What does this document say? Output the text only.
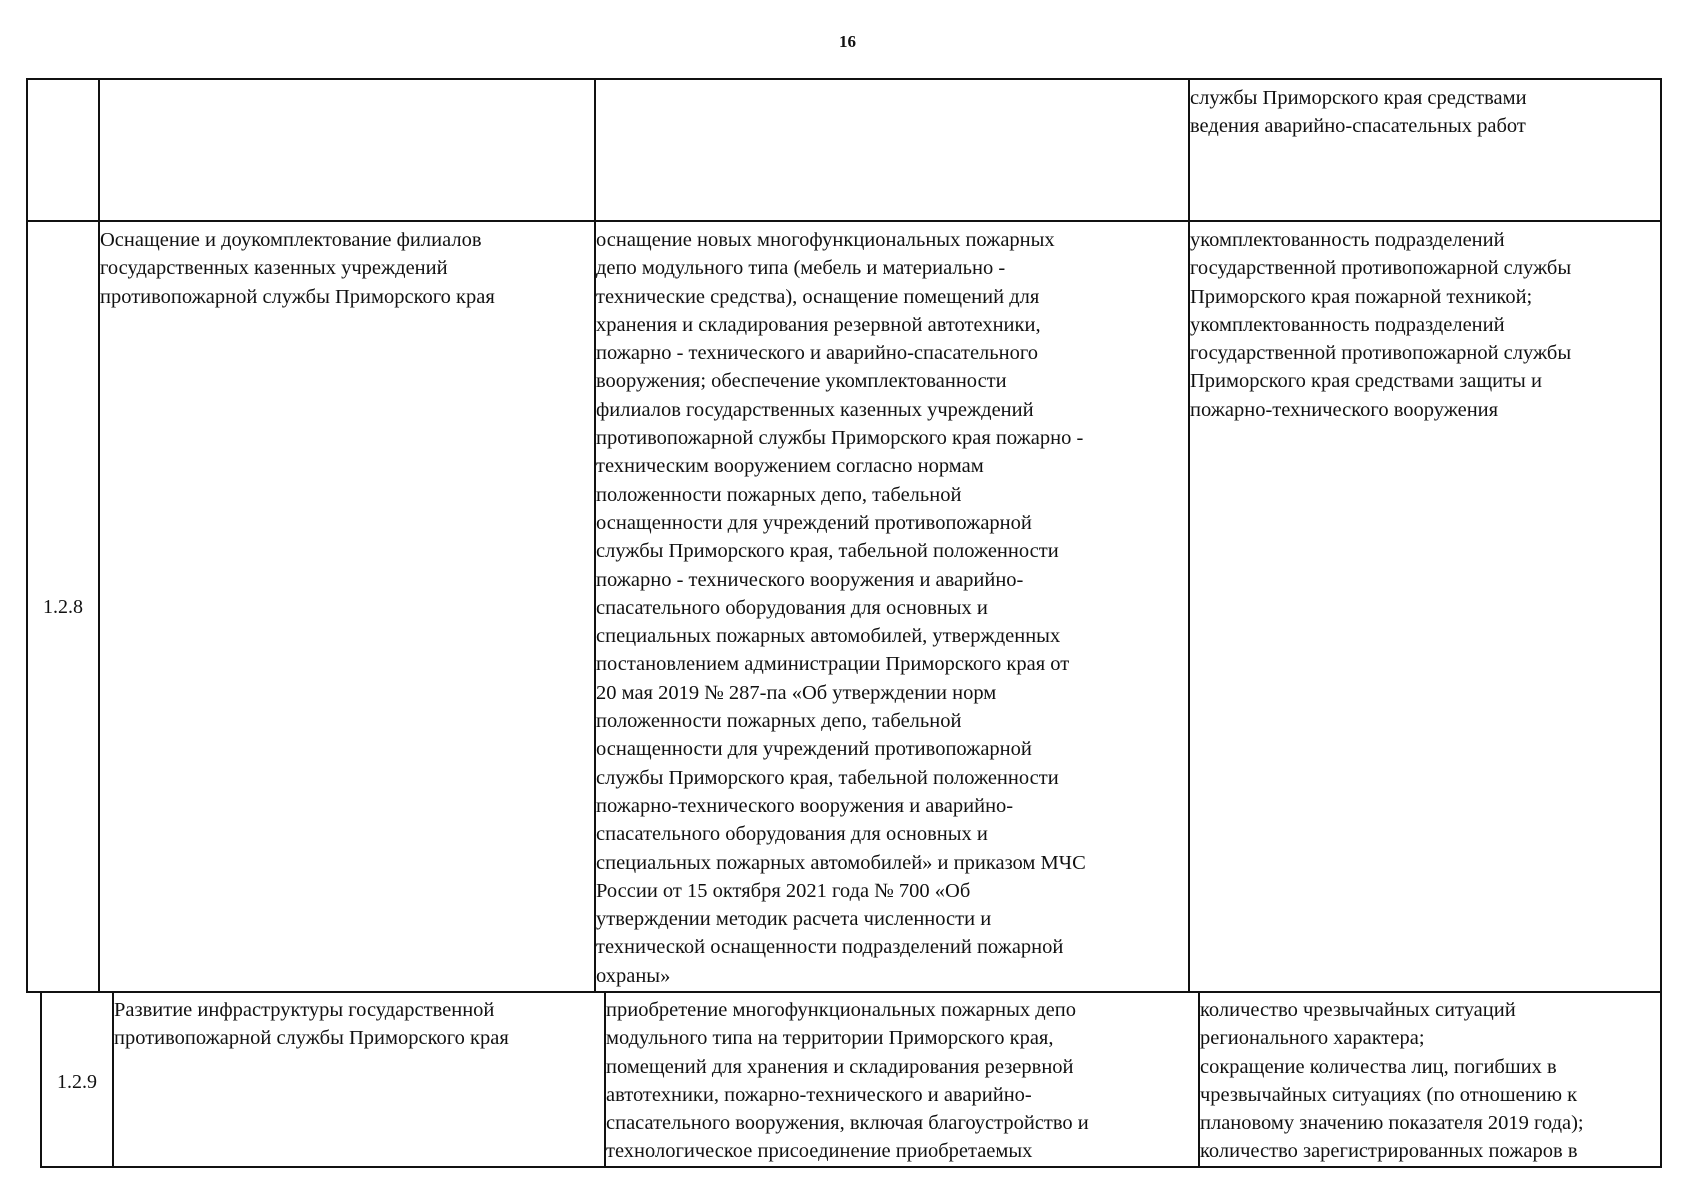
16
службы Приморского края средствами
ведения аварийно-спасательных работ
1.2.8
Оснащение и доукомплектование филиалов
государственных казенных учреждений
противопожарной службы Приморского края
оснащение новых многофункциональных пожарных
депо модульного типа (мебель и материально -
технические средства), оснащение помещений для
хранения и складирования резервной автотехники,
пожарно - технического и аварийно-спасательного
вооружения; обеспечение укомплектованности
филиалов государственных казенных учреждений
противопожарной службы Приморского края пожарно -
техническим вооружением согласно нормам
положенности пожарных депо, табельной
оснащенности для учреждений противопожарной
службы Приморского края, табельной положенности
пожарно - технического вооружения и аварийно-
спасательного оборудования для основных и
специальных пожарных автомобилей, утвержденных
постановлением администрации Приморского края от
20 мая 2019 № 287-па «Об утверждении норм
положенности пожарных депо, табельной
оснащенности для учреждений противопожарной
службы Приморского края, табельной положенности
пожарно-технического вооружения и аварийно-
спасательного оборудования для основных и
специальных пожарных автомобилей» и приказом МЧС
России от 15 октября 2021 года № 700 «Об
утверждении методик расчета численности и
технической оснащенности подразделений пожарной
охраны»
укомплектованность подразделений
государственной противопожарной службы
Приморского края пожарной техникой;
укомплектованность подразделений
государственной противопожарной службы
Приморского края средствами защиты и
пожарно-технического вооружения
1.2.9
Развитие инфраструктуры государственной
противопожарной службы Приморского края
приобретение многофункциональных пожарных депо
модульного типа на территории Приморского края,
помещений для хранения и складирования резервной
автотехники, пожарно-технического и аварийно-
спасательного вооружения, включая благоустройство и
технологическое присоединение приобретаемых
количество чрезвычайных ситуаций
регионального характера;
сокращение количества лиц, погибших в
чрезвычайных ситуациях (по отношению к
плановому значению показателя 2019 года);
количество зарегистрированных пожаров в
